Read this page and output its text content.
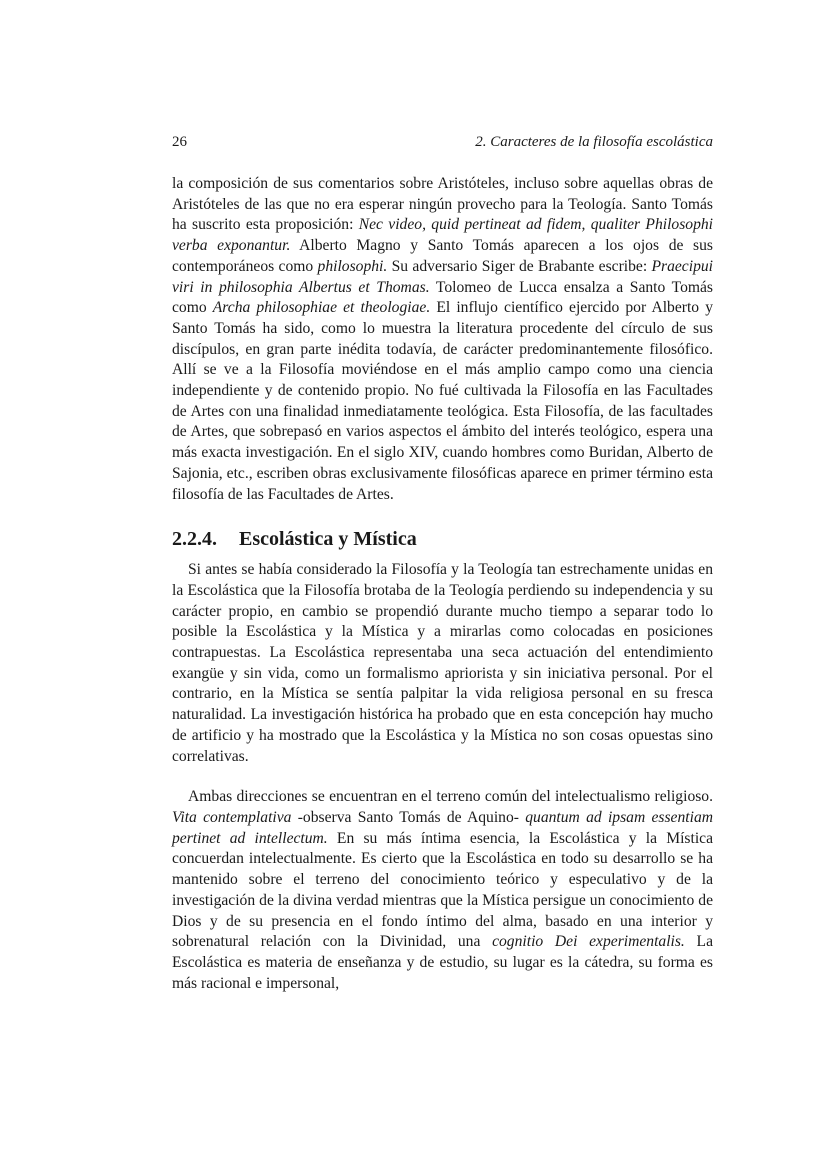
26	2. Caracteres de la filosofía escolástica

la composición de sus comentarios sobre Aristóteles, incluso sobre aquellas obras de Aristóteles de las que no era esperar ningún provecho para la Teología. Santo Tomás ha suscrito esta proposición: Nec video, quid pertineat ad fidem, qualiter Philosophi verba exponantur. Alberto Magno y Santo Tomás aparecen a los ojos de sus contemporáneos como philosophi. Su adversario Siger de Brabante escribe: Praecipui viri in philosophia Albertus et Thomas. Tolomeo de Lucca ensalza a Santo Tomás como Archa philosophiae et theologiae. El influjo científico ejercido por Alberto y Santo Tomás ha sido, como lo muestra la literatura procedente del círculo de sus discípulos, en gran parte inédita todavía, de carácter predominantemente filosófico. Allí se ve a la Filosofía moviéndose en el más amplio campo como una ciencia independiente y de contenido propio. No fué cultivada la Filosofía en las Facultades de Artes con una finalidad inmediatamente teológica. Esta Filosofía, de las facultades de Artes, que sobrepasó en varios aspectos el ámbito del interés teológico, espera una más exacta investigación. En el siglo XIV, cuando hombres como Buridan, Alberto de Sajonia, etc., escriben obras exclusivamente filosóficas aparece en primer término esta filosofía de las Facultades de Artes.

2.2.4. Escolástica y Mística

Si antes se había considerado la Filosofía y la Teología tan estrechamente unidas en la Escolástica que la Filosofía brotaba de la Teología perdiendo su independencia y su carácter propio, en cambio se propendió durante mucho tiempo a separar todo lo posible la Escolástica y la Mística y a mirarlas como colocadas en posiciones contrapuestas. La Escolástica representaba una seca actuación del entendimiento exangüe y sin vida, como un formalismo apriorista y sin iniciativa personal. Por el contrario, en la Mística se sentía palpitar la vida religiosa personal en su fresca naturalidad. La investigación histórica ha probado que en esta concepción hay mucho de artificio y ha mostrado que la Escolástica y la Mística no son cosas opuestas sino correlativas.

Ambas direcciones se encuentran en el terreno común del intelectualismo religioso. Vita contemplativa -observa Santo Tomás de Aquino- quantum ad ipsam essentiam pertinet ad intellectum. En su más íntima esencia, la Escolástica y la Mística concuerdan intelectualmente. Es cierto que la Escolástica en todo su desarrollo se ha mantenido sobre el terreno del conocimiento teórico y especulativo y de la investigación de la divina verdad mientras que la Mística persigue un conocimiento de Dios y de su presencia en el fondo íntimo del alma, basado en una interior y sobrenatural relación con la Divinidad, una cognitio Dei experimentalis. La Escolástica es materia de enseñanza y de estudio, su lugar es la cátedra, su forma es más racional e impersonal,
